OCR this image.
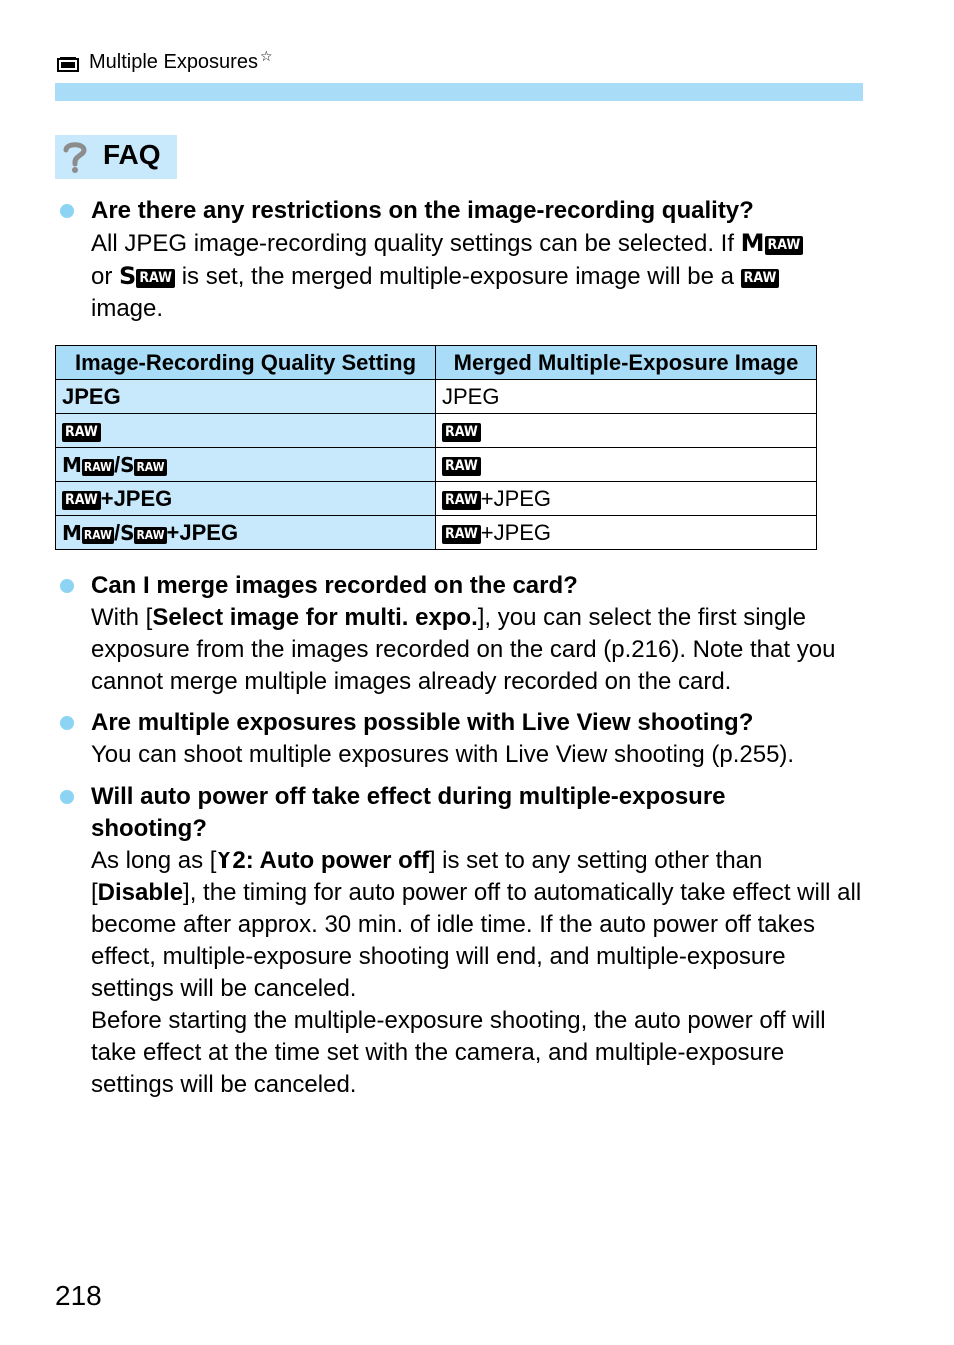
Multiple Exposures ☆
FAQ
Are there any restrictions on the image-recording quality?
All JPEG image-recording quality settings can be selected. If M RAW
or S RAW is set, the merged multiple-exposure image will be a RAW
image.
Image-Recording Quality Setting	Merged Multiple-Exposure Image
JPEG	JPEG
RAW	RAW
M RAW/S RAW	RAW
RAW +JPEG	RAW +JPEG
M RAW/S RAW+JPEG	RAW +JPEG
Can I merge images recorded on the card?
With [Select image for multi. expo.], you can select the first single exposure from the images recorded on the card (p.216). Note that you cannot merge multiple images already recorded on the card.
Are multiple exposures possible with Live View shooting?
You can shoot multiple exposures with Live View shooting (p.255).
Will auto power off take effect during multiple-exposure shooting?
As long as [ 2: Auto power off] is set to any setting other than [Disable], the timing for auto power off to automatically take effect will all become after approx. 30 min. of idle time. If the auto power off takes effect, multiple-exposure shooting will end, and multiple-exposure settings will be canceled.
Before starting the multiple-exposure shooting, the auto power off will take effect at the time set with the camera, and multiple-exposure settings will be canceled.
218
